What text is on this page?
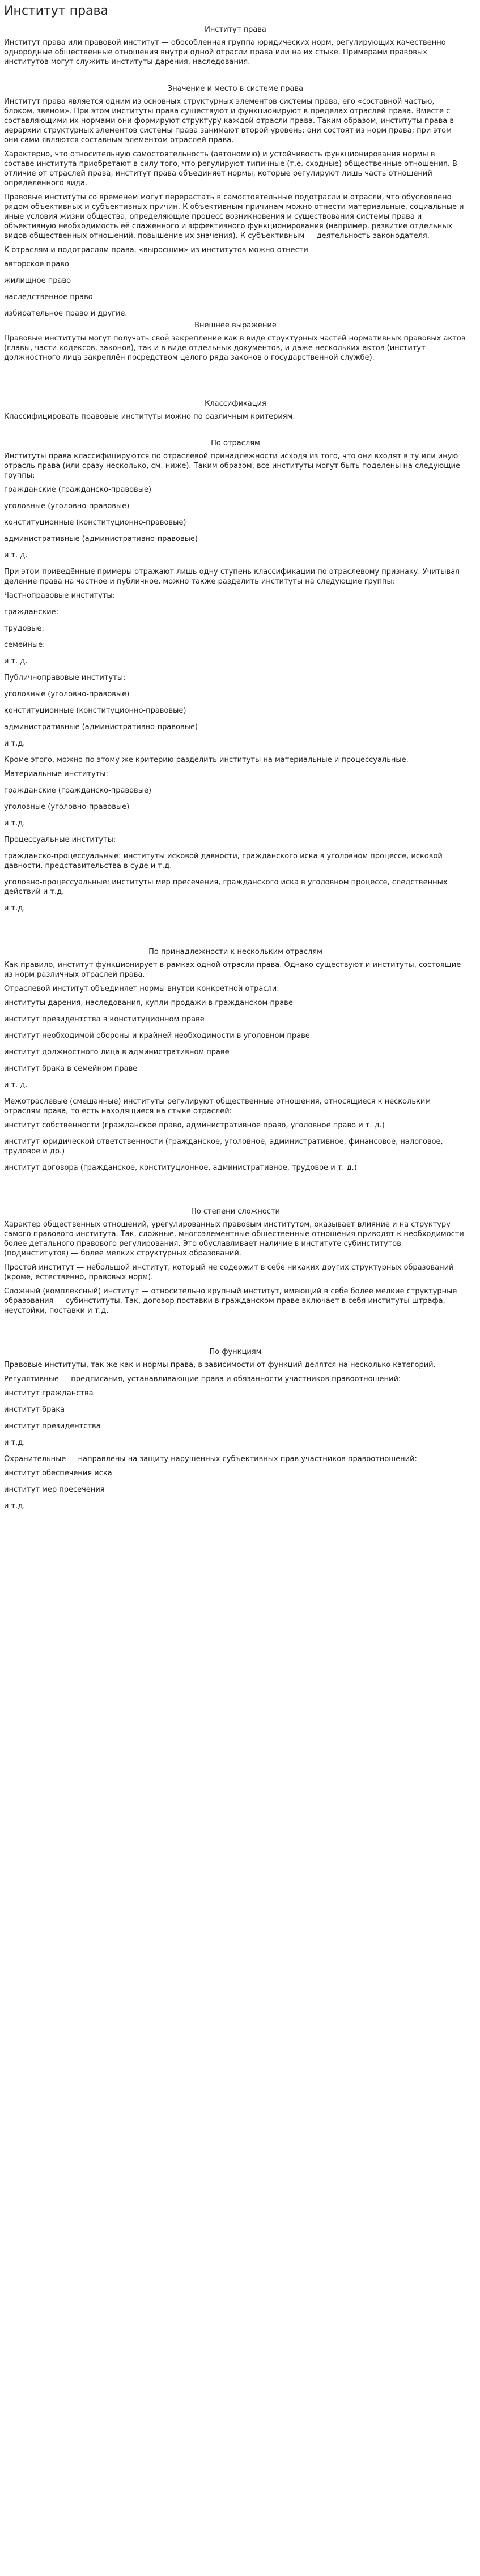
Институт права
Институт права
Институт права или правовой институт — обособленная группа юридических норм, регулирующих качественно однородные общественные отношения внутри одной отрасли права или на их стыке. Примерами правовых институтов могут служить институты дарения, наследования.
Значение и место в системе права
Институт права является одним из основных структурных элементов системы права, его «составной частью, блоком, звеном». При этом институты права существуют и функционируют в пределах отраслей права. Вместе с составляющими их нормами они формируют структуру каждой отрасли права. Таким образом, институты права в иерархии структурных элементов системы права занимают второй уровень: они состоят из норм права; при этом они сами являются составным элементом отраслей права.
Характерно, что относительную самостоятельность (автономию) и устойчивость функционирования нормы в составе института приобретают в силу того, что регулируют типичные (т.е. сходные) общественные отношения. В отличие от отраслей права, институт права объединяет нормы, которые регулируют лишь часть отношений определенного вида.
Правовые институты со временем могут перерастать в самостоятельные подотрасли и отрасли, что обусловлено рядом объективных и субъективных причин. К объективным причинам можно отнести материальные, социальные и иные условия жизни общества, определяющие процесс возникновения и существования системы права и объективную необходимость её слаженного и эффективного функционирования (например, развитие отдельных видов общественных отношений, повышение их значения). К субъективным — деятельность законодателя.
К отраслям и подотраслям права, «выросшим» из институтов можно отнести
авторское право
жилищное право
наследственное право
избирательное право и другие.
Внешнее выражение
Правовые институты могут получать своё закрепление как в виде структурных частей нормативных правовых актов (главы, части кодексов, законов), так и в виде отдельных документов, и даже нескольких актов (институт должностного лица закреплён посредством целого ряда законов о государственной службе).
Классификация
Классифицировать правовые институты можно по различным критериям.
По отраслям
Институты права классифицируются по отраслевой принадлежности исходя из того, что они входят в ту или иную отрасль права (или сразу несколько, см. ниже). Таким образом, все институты могут быть поделены на следующие группы:
гражданские (гражданско-правовые)
уголовные (уголовно-правовые)
конституционные (конституционно-правовые)
административные (административно-правовые)
и т. д.
При этом приведённые примеры отражают лишь одну ступень классификации по отраслевому признаку. Учитывая деление права на частное и публичное, можно также разделить институты на следующие группы:
Частноправовые институты:
гражданские:
трудовые:
семейные:
и т. д.
Публичноправовые институты:
уголовные (уголовно-правовые)
конституционные (конституционно-правовые)
административные (административно-правовые)
и т.д.
Кроме этого, можно по этому же критерию разделить институты на материальные и процессуальные.
Материальные институты:
гражданские (гражданско-правовые)
уголовные (уголовно-правовые)
и т.д.
Процессуальные институты:
гражданско-процессуальные: институты исковой давности, гражданского иска в уголовном процессе, исковой давности, представительства в суде и т.д.
уголовно-процессуальные: институты мер пресечения, гражданского иска в уголовном процессе, следственных действий и т.д.
и т.д.
По принадлежности к нескольким отраслям
Как правило, институт функционирует в рамках одной отрасли права. Однако существуют и институты, состоящие из норм различных отраслей права.
Отраслевой институт объединяет нормы внутри конкретной отрасли:
институты дарения, наследования, купли-продажи в гражданском праве
институт президентства в конституционном праве
институт необходимой обороны и крайней необходимости в уголовном праве
институт должностного лица в административном праве
институт брака в семейном праве
и т. д.
Межотраслевые (смешанные) институты регулируют общественные отношения, относящиеся к нескольким отраслям права, то есть находящиеся на стыке отраслей:
институт собственности (гражданское право, административное право, уголовное право и т. д.)
институт юридической ответственности (гражданское, уголовное, административное, финансовое, налоговое, трудовое и др.)
институт договора (гражданское, конституционное, административное, трудовое и т. д.)
По степени сложности
Характер общественных отношений, урегулированных правовым институтом, оказывает влияние и на структуру самого правового института. Так, сложные, многоэлементные общественные отношения приводят к необходимости более детального правового регулирования. Это обуславливает наличие в институте субинститутов (подинститутов) — более мелких структурных образований.
Простой институт — небольшой институт, который не содержит в себе никаких других структурных образований (кроме, естественно, правовых норм).
Сложный (комплексный) институт — относительно крупный институт, имеющий в себе более мелкие структурные образования — субинституты. Так, договор поставки в гражданском праве включает в себя институты штрафа, неустойки, поставки и т.д.
По функциям
Правовые институты, так же как и нормы права, в зависимости от функций делятся на несколько категорий.
Регулятивные — предписания, устанавливающие права и обязанности участников правоотношений:
институт гражданства
институт брака
институт президентства
и т.д.
Охранительные — направлены на защиту нарушенных субъективных прав участников правоотношений:
институт обеспечения иска
институт мер пресечения
и т.д.
